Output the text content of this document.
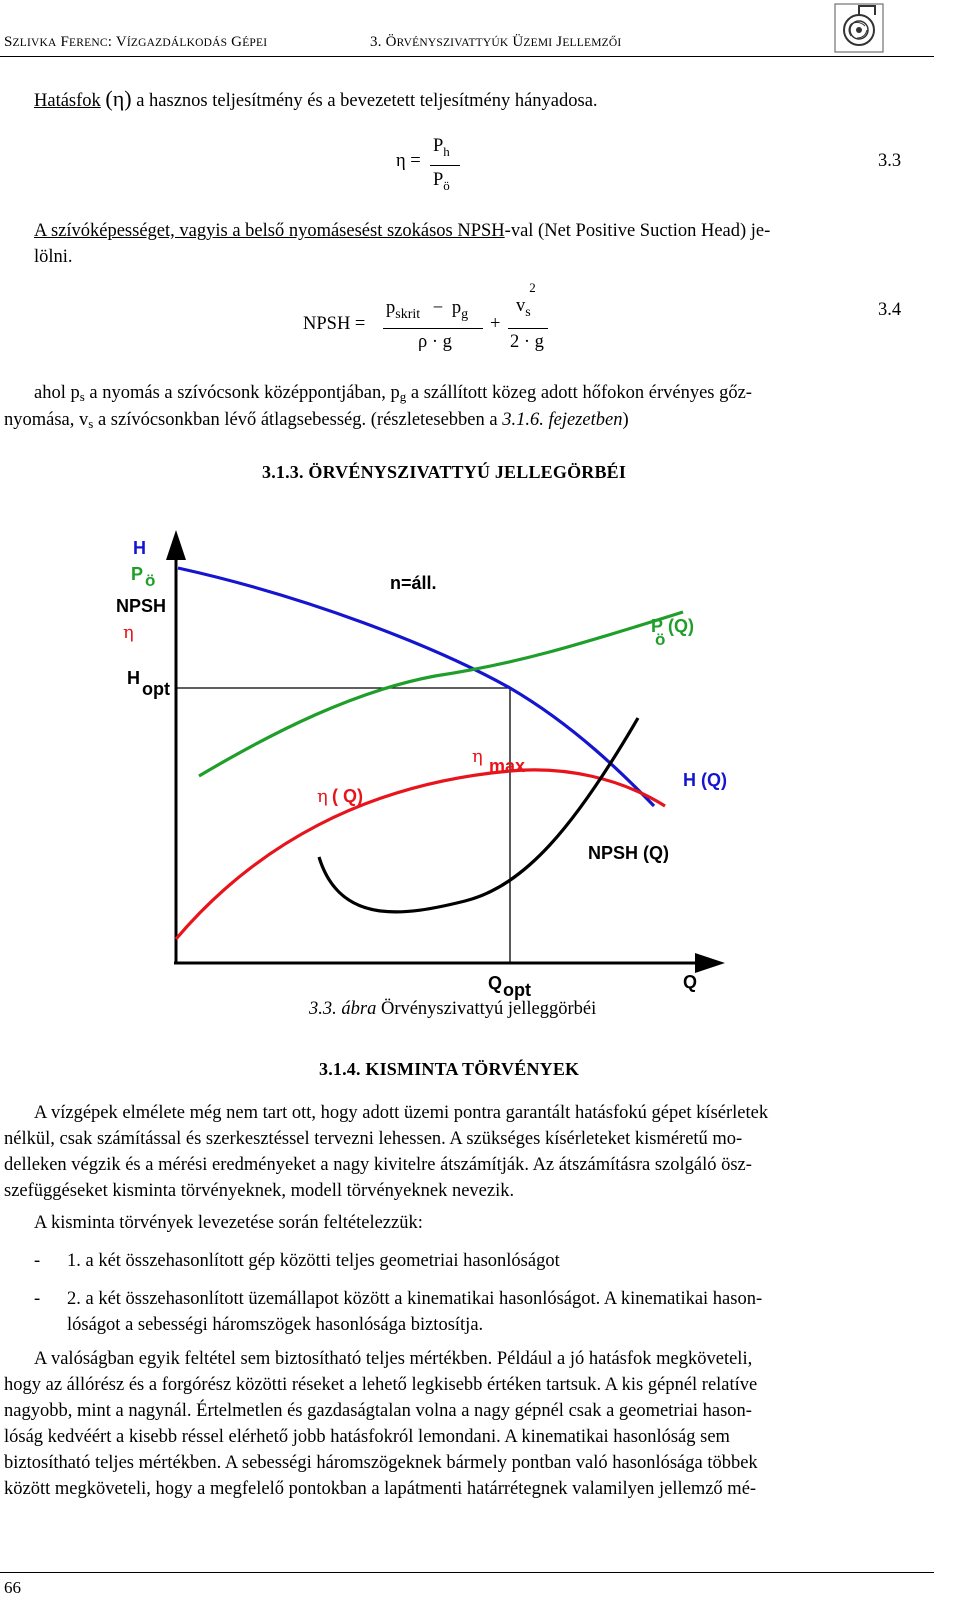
SZLIVKA FERENC: VÍZGAZDÁLKODÁS GÉPEI	3. ÖRVÉNYSZIVATTYÚK ÜZEMI JELLEMZŐI
Hatásfok (η) a hasznos teljesítmény és a bevezetett teljesítmény hányadosa.
η =
$P_h$
$P_ö$
3.3
A szívóképességet, vagyis a belső nyomásesést szokásos NPSH-val (Net Positive Suction Head) je-
lölni.
NPSH =
$p_{skrit} - p_g$
ρ · g
+
v
2
$_s$
2 · g
3.4
ahol ps a nyomás a szívócsonk középpontjában, pg a szállított közeg adott hőfokon érvényes gőz-
nyomása, vs a szívócsonkban lévő átlagsebesség. (részletesebben a 3.1.6. fejezetben)
3.1.3. ÖRVÉNYSZIVATTYÚ JELLEGÖRBÉI
H
P ö
NPSH
n=áll.
H
opt
P
ö
(Q)
max
H (Q)
NPSH (Q)
Q opt	Q
( Q)
η
η
η
3.3. ábra Örvényszivattyú jelleggörbéi
3.1.4. KISMINTA TÖRVÉNYEK
A vízgépek elmélete még nem tart ott, hogy adott üzemi pontra garantált hatásfokú gépet kísérletek
nélkül, csak számítással és szerkesztéssel tervezni lehessen. A szükséges kísérleteket kisméretű mo-
delleken végzik és a mérési eredményeket a nagy kivitelre átszámítják. Az átszámításra szolgáló ösz-
szefüggéseket kisminta törvényeknek, modell törvényeknek nevezik.
A kisminta törvények levezetése során feltételezzük:
- 1. a két összehasonlított gép közötti teljes geometriai hasonlóságot
- 2. a két összehasonlított üzemállapot között a kinematikai hasonlóságot. A kinematikai hason-
lóságot a sebességi háromszögek hasonlósága biztosítja.
A valóságban egyik feltétel sem biztosítható teljes mértékben. Például a jó hatásfok megköveteli,
hogy az állórész és a forgórész közötti réseket a lehető legkisebb értéken tartsuk. A kis gépnél relatíve
nagyobb, mint a nagynál. Értelmetlen és gazdaságtalan volna a nagy gépnél csak a geometriai hason-
lóság kedvéért a kisebb réssel elérhető jobb hatásfokról lemondani. A kinematikai hasonlóság sem
biztosítható teljes mértékben. A sebességi háromszögeknek bármely pontban való hasonlósága többek
között megköveteli, hogy a megfelelő pontokban a lapátmenti határrétegnek valamilyen jellemző mé-
66
